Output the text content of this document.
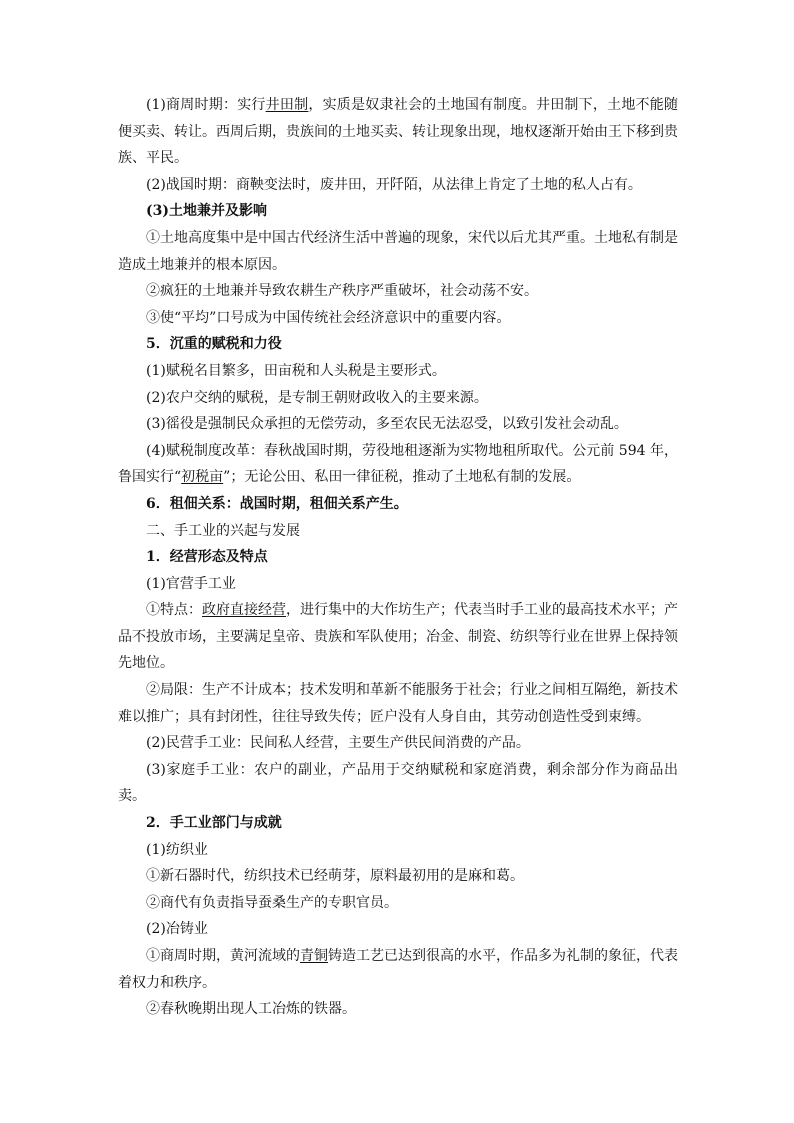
(1)商周时期：实行井田制，实质是奴隶社会的土地国有制度。井田制下，土地不能随便买卖、转让。西周后期，贵族间的土地买卖、转让现象出现，地权逐渐开始由王下移到贵族、平民。

(2)战国时期：商鞅变法时，废井田，开阡陌，从法律上肯定了土地的私人占有。

(3)土地兼并及影响

①土地高度集中是中国古代经济生活中普遍的现象，宋代以后尤其严重。土地私有制是造成土地兼并的根本原因。

②疯狂的土地兼并导致农耕生产秩序严重破坏，社会动荡不安。

③使“平均”口号成为中国传统社会经济意识中的重要内容。

5．沉重的赋税和力役

(1)赋税名目繁多，田亩税和人头税是主要形式。

(2)农户交纳的赋税，是专制王朝财政收入的主要来源。

(3)徭役是强制民众承担的无偿劳动，多至农民无法忍受，以致引发社会动乱。

(4)赋税制度改革：春秋战国时期，劳役地租逐渐为实物地租所取代。公元前 594 年，鲁国实行“初税亩”；无论公田、私田一律征税，推动了土地私有制的发展。

6．租佃关系：战国时期，租佃关系产生。

二、手工业的兴起与发展

1．经营形态及特点

(1)官营手工业

①特点：政府直接经营，进行集中的大作坊生产；代表当时手工业的最高技术水平；产品不投放市场，主要满足皇帝、贵族和军队使用；冶金、制瓷、纺织等行业在世界上保持领先地位。

②局限：生产不计成本；技术发明和革新不能服务于社会；行业之间相互隔绝，新技术难以推广；具有封闭性，往往导致失传；匠户没有人身自由，其劳动创造性受到束缚。

(2)民营手工业：民间私人经营，主要生产供民间消费的产品。

(3)家庭手工业：农户的副业，产品用于交纳赋税和家庭消费，剩余部分作为商品出卖。

2．手工业部门与成就

(1)纺织业

①新石器时代，纺织技术已经萌芽，原料最初用的是麻和葛。

②商代有负责指导蚕桑生产的专职官员。

(2)冶铸业

①商周时期，黄河流域的青铜铸造工艺已达到很高的水平，作品多为礼制的象征，代表着权力和秩序。

②春秋晚期出现人工冶炼的铁器。
